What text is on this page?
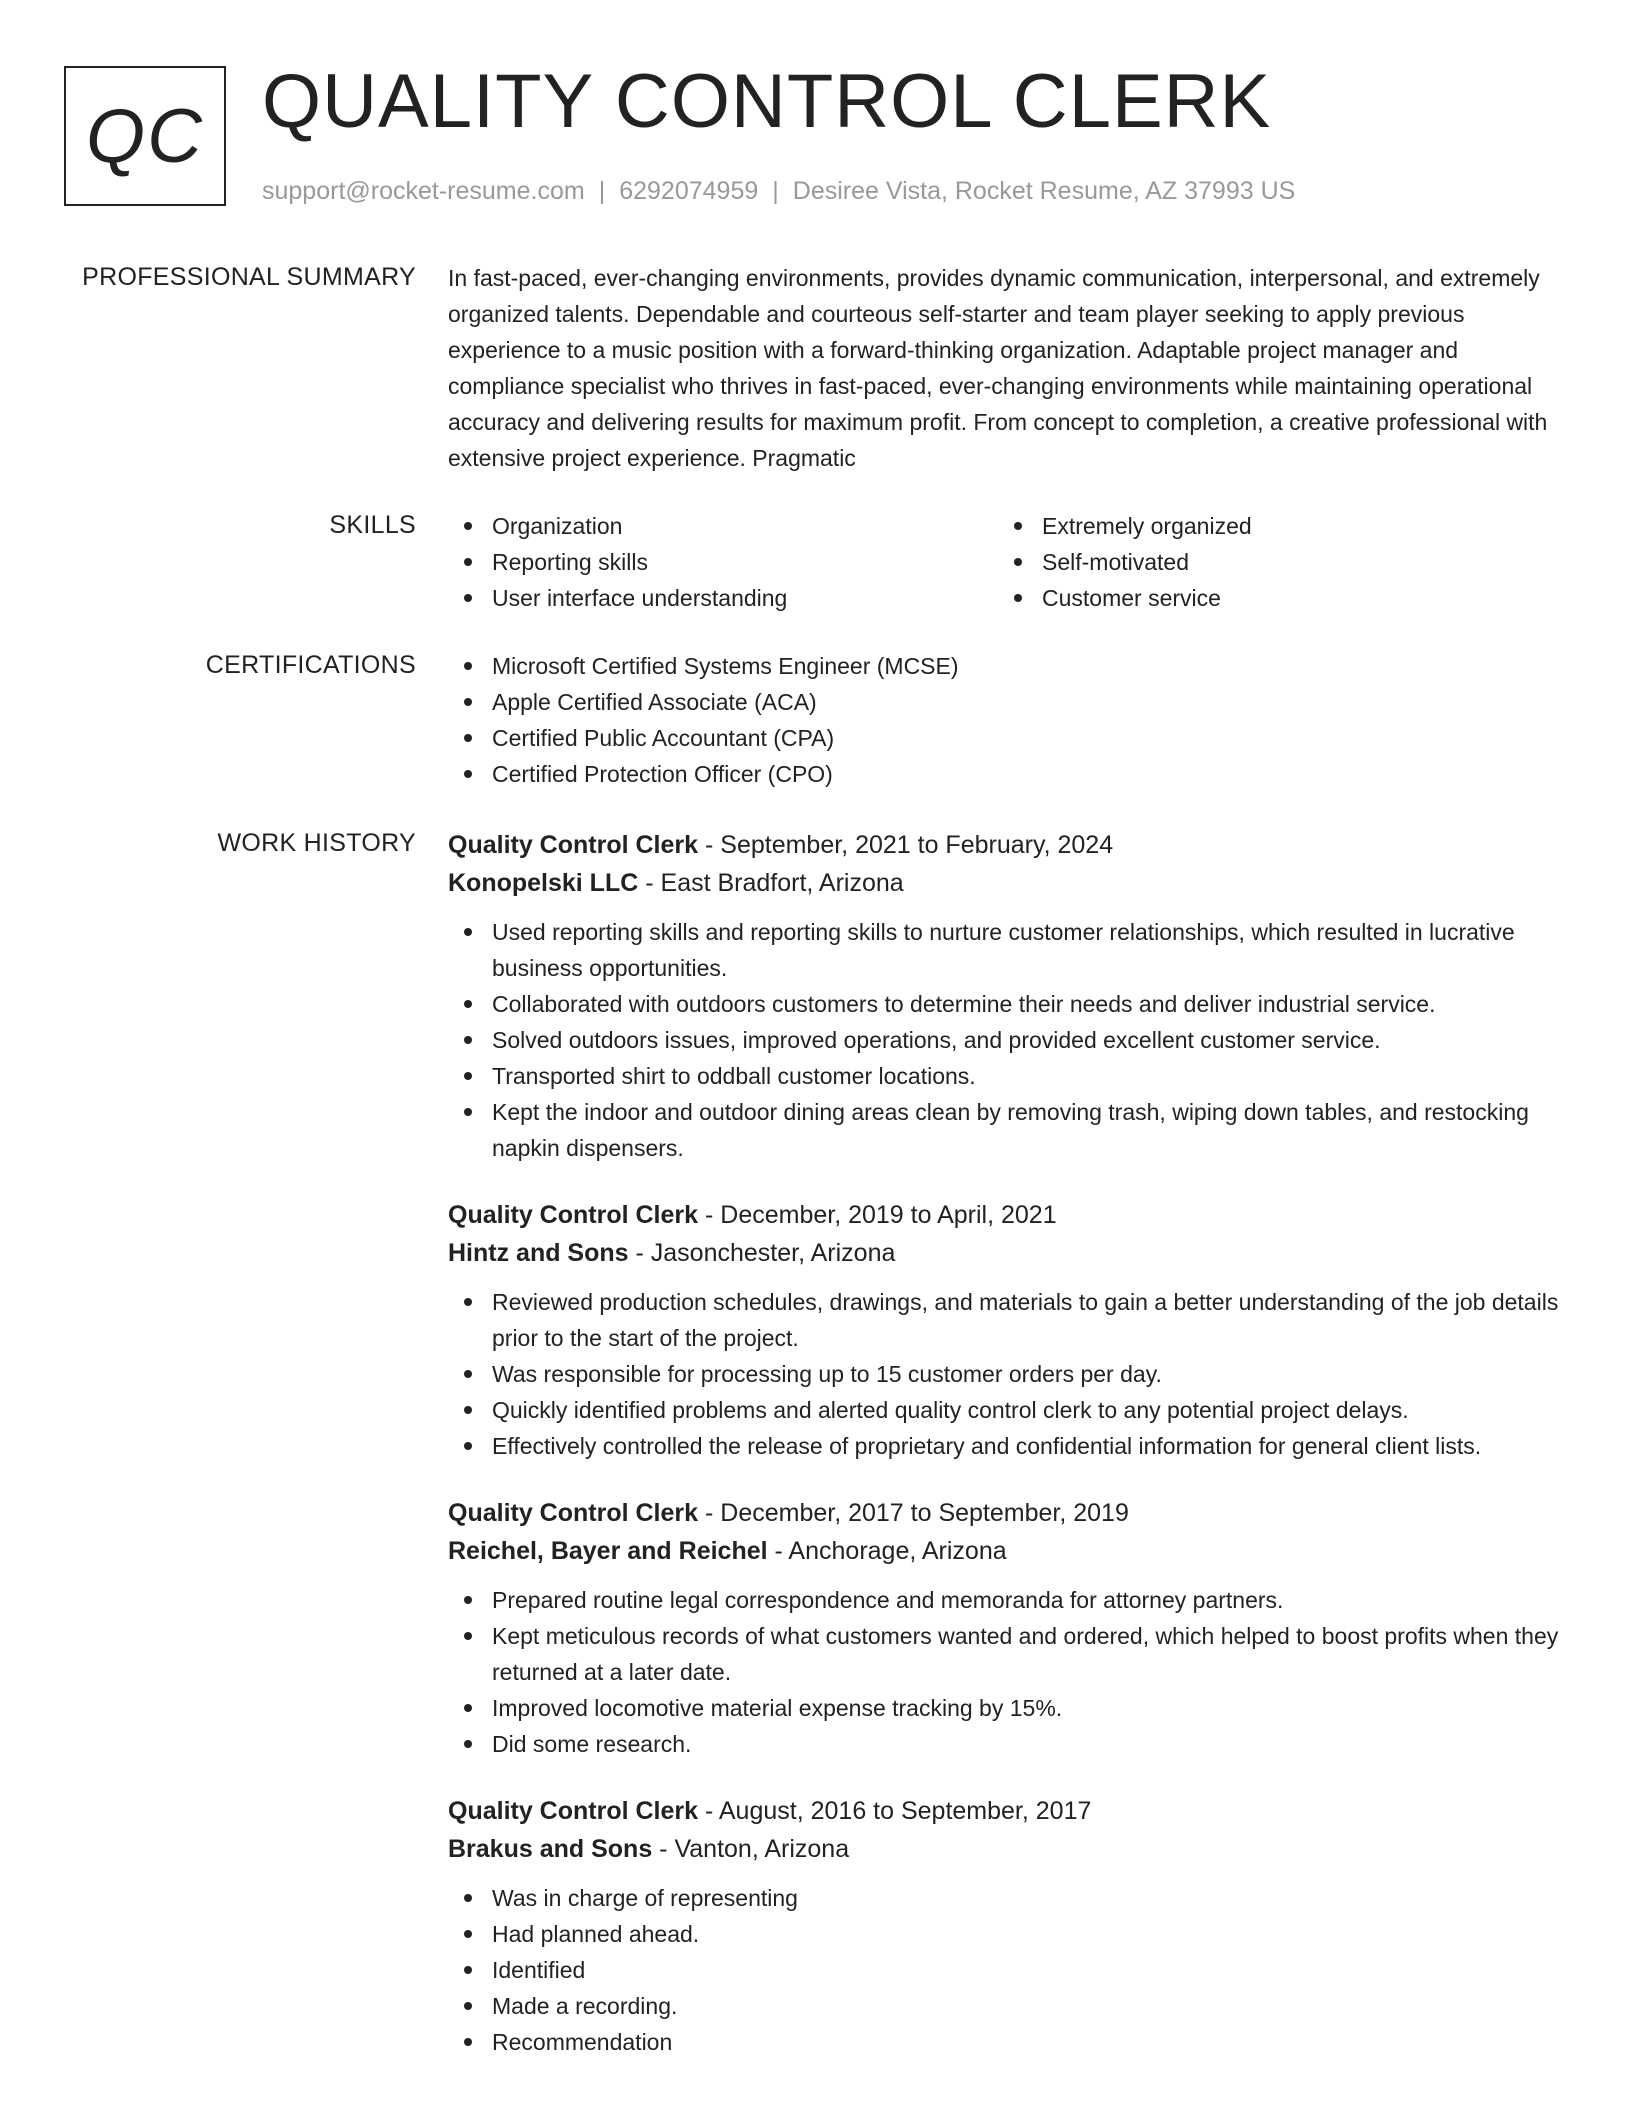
QC QUALITY CONTROL CLERK
support@rocket-resume.com | 6292074959 | Desiree Vista, Rocket Resume, AZ 37993 US
PROFESSIONAL SUMMARY In fast-paced, ever-changing environments, provides dynamic communication, interpersonal, and extremely organized talents. Dependable and courteous self-starter and team player seeking to apply previous experience to a music position with a forward-thinking organization. Adaptable project manager and compliance specialist who thrives in fast-paced, ever-changing environments while maintaining operational accuracy and delivering results for maximum profit. From concept to completion, a creative professional with extensive project experience. Pragmatic

SKILLS	Organization
Reporting skills
User interface understanding
Extremely organized
Self-motivated
Customer service
CERTIFICATIONS	Microsoft Certified Systems Engineer (MCSE)
Apple Certified Associate (ACA)
Certified Public Accountant (CPA)
Certified Protection Officer (CPO)
WORK HISTORY Quality Control Clerk - September, 2021 to February, 2024
Konopelski LLC - East Bradfort, Arizona
Used reporting skills and reporting skills to nurture customer relationships, which resulted in lucrative business opportunities.
Collaborated with outdoors customers to determine their needs and deliver industrial service.
Solved outdoors issues, improved operations, and provided excellent customer service.
Transported shirt to oddball customer locations.
Kept the indoor and outdoor dining areas clean by removing trash, wiping down tables, and restocking napkin dispensers.
Quality Control Clerk - December, 2019 to April, 2021
Hintz and Sons - Jasonchester, Arizona
Reviewed production schedules, drawings, and materials to gain a better understanding of the job details prior to the start of the project.
Was responsible for processing up to 15 customer orders per day.
Quickly identified problems and alerted quality control clerk to any potential project delays.
Effectively controlled the release of proprietary and confidential information for general client lists.
Quality Control Clerk - December, 2017 to September, 2019
Reichel, Bayer and Reichel - Anchorage, Arizona
Prepared routine legal correspondence and memoranda for attorney partners.
Kept meticulous records of what customers wanted and ordered, which helped to boost profits when they returned at a later date.
Improved locomotive material expense tracking by 15%.
Did some research.
Quality Control Clerk - August, 2016 to September, 2017
Brakus and Sons - Vanton, Arizona
Was in charge of representing
Had planned ahead.
Identified
Made a recording.
Recommendation
